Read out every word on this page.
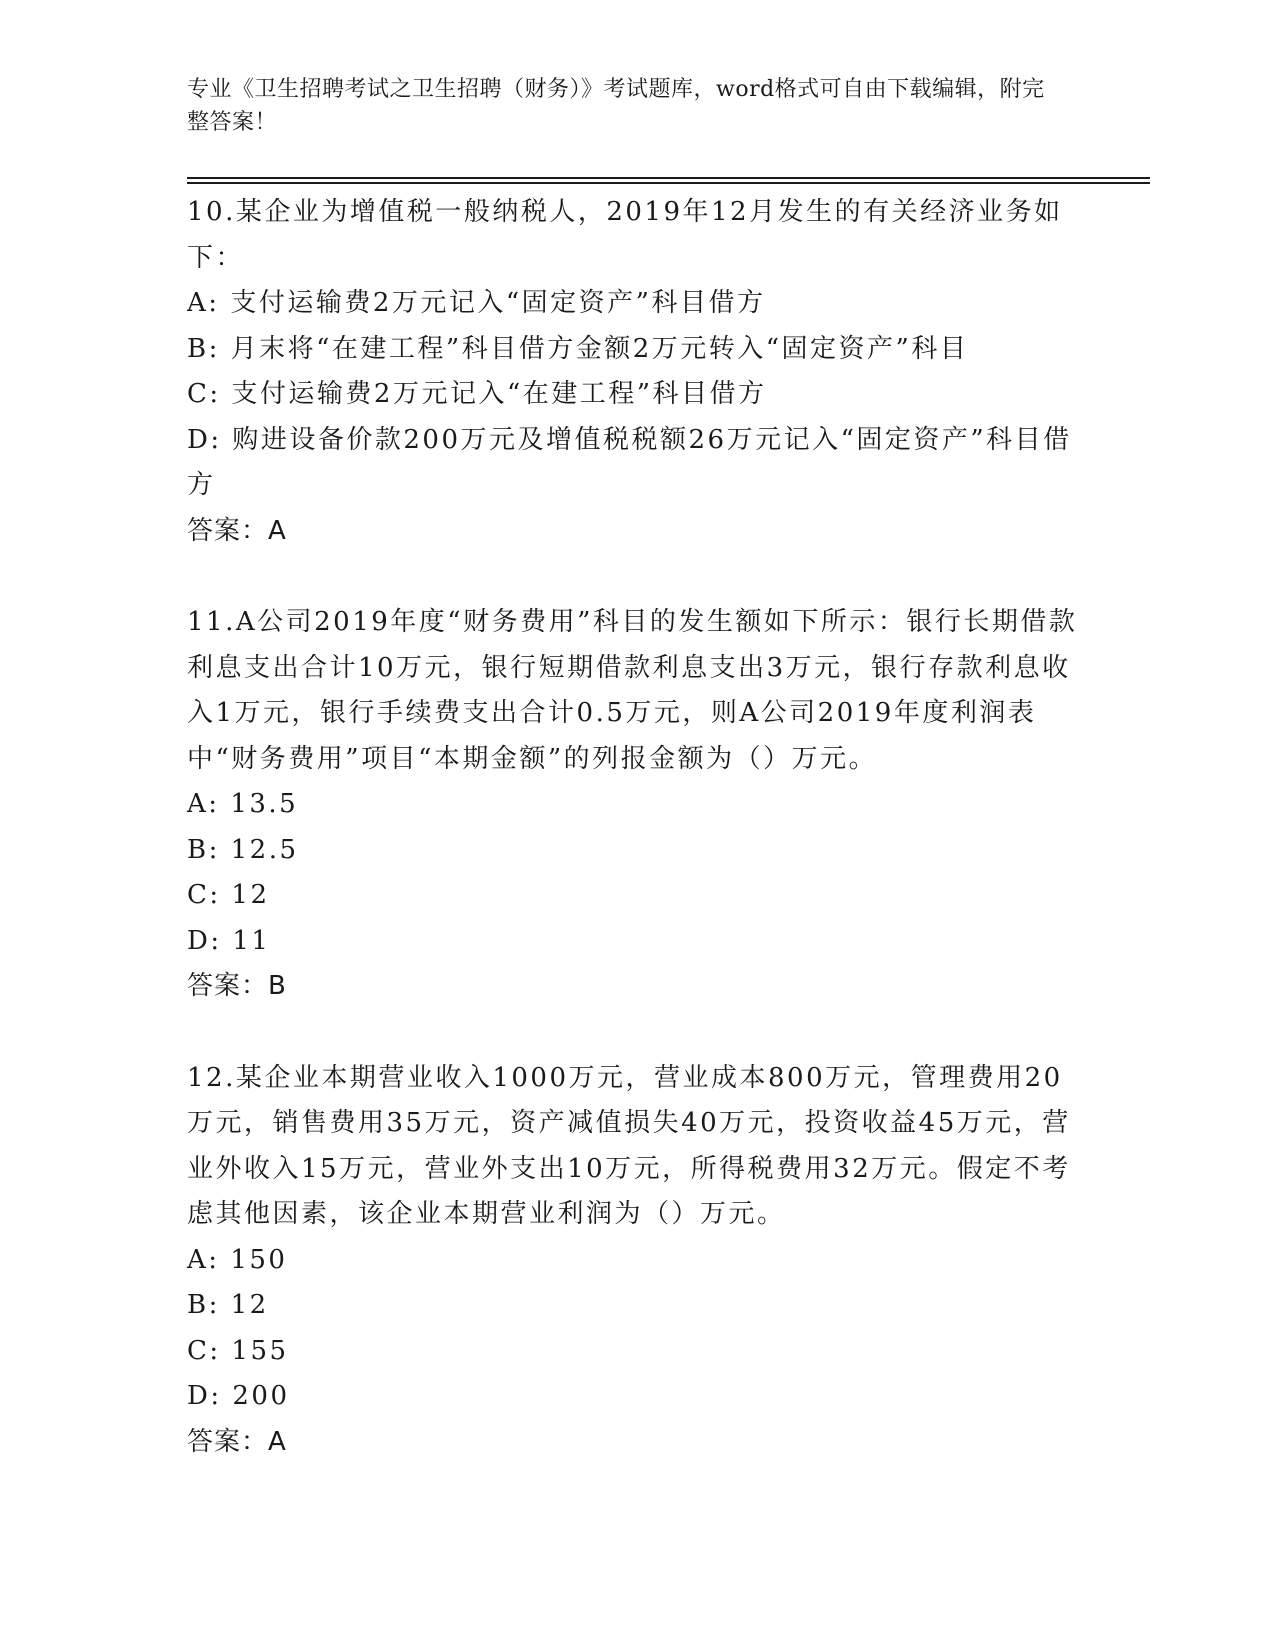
专业《卫生招聘考试之卫生招聘（财务）》考试题库，word格式可自由下载编辑，附完整答案！

10.某企业为增值税一般纳税人，2019年12月发生的有关经济业务如下：

A: 支付运输费2万元记入“固定资产”科目借方

B: 月末将“在建工程”科目借方金额2万元转入“固定资产”科目

C: 支付运输费2万元记入“在建工程”科目借方

D: 购进设备价款200万元及增值税税额26万元记入“固定资产”科目借方

答案：A

11.A公司2019年度“财务费用”科目的发生额如下所示：银行长期借款利息支出合计10万元，银行短期借款利息支出3万元，银行存款利息收入1万元，银行手续费支出合计0.5万元，则A公司2019年度利润表中“财务费用”项目“本期金额”的列报金额为（）万元。

A: 13.5

B: 12.5

C: 12

D: 11

答案：B

12.某企业本期营业收入1000万元，营业成本800万元，管理费用20万元，销售费用35万元，资产减值损失40万元，投资收益45万元，营业外收入15万元，营业外支出10万元，所得税费用32万元。假定不考虑其他因素，该企业本期营业利润为（）万元。

A: 150

B: 12

C: 155

D: 200

答案：A
